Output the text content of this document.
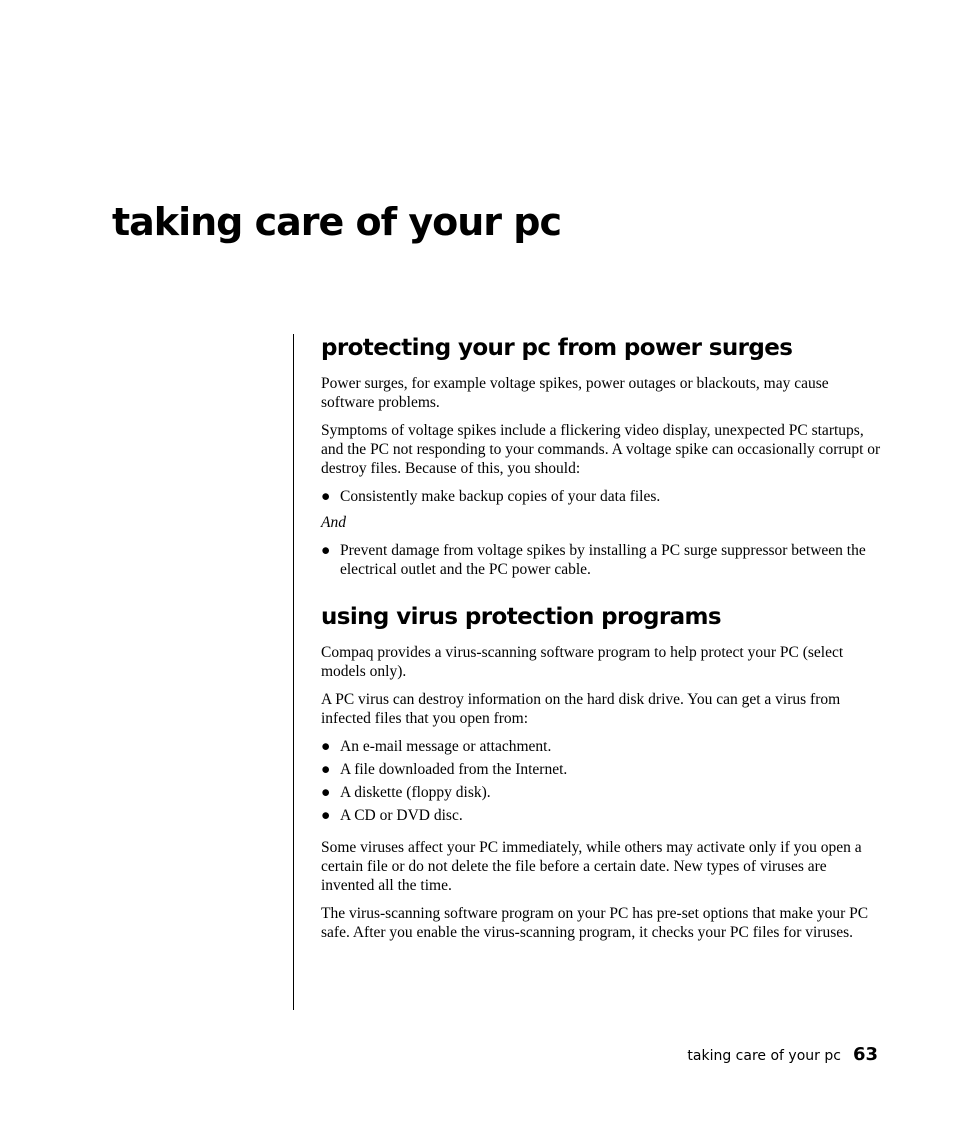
taking care of your pc
protecting your pc from power surges

Power surges, for example voltage spikes, power outages or blackouts, may cause software problems.

Symptoms of voltage spikes include a flickering video display, unexpected PC startups, and the PC not responding to your commands. A voltage spike can occasionally corrupt or destroy files. Because of this, you should:

● Consistently make backup copies of your data files.

And

● Prevent damage from voltage spikes by installing a PC surge suppressor between the electrical outlet and the PC power cable.
using virus protection programs

Compaq provides a virus-scanning software program to help protect your PC (select models only).

A PC virus can destroy information on the hard disk drive. You can get a virus from infected files that you open from:

● An e-mail message or attachment.
● A file downloaded from the Internet.
● A diskette (floppy disk).
● A CD or DVD disc.

Some viruses affect your PC immediately, while others may activate only if you open a certain file or do not delete the file before a certain date. New types of viruses are invented all the time.

The virus-scanning software program on your PC has pre-set options that make your PC safe. After you enable the virus-scanning program, it checks your PC files for viruses.

taking care of your pc 63
